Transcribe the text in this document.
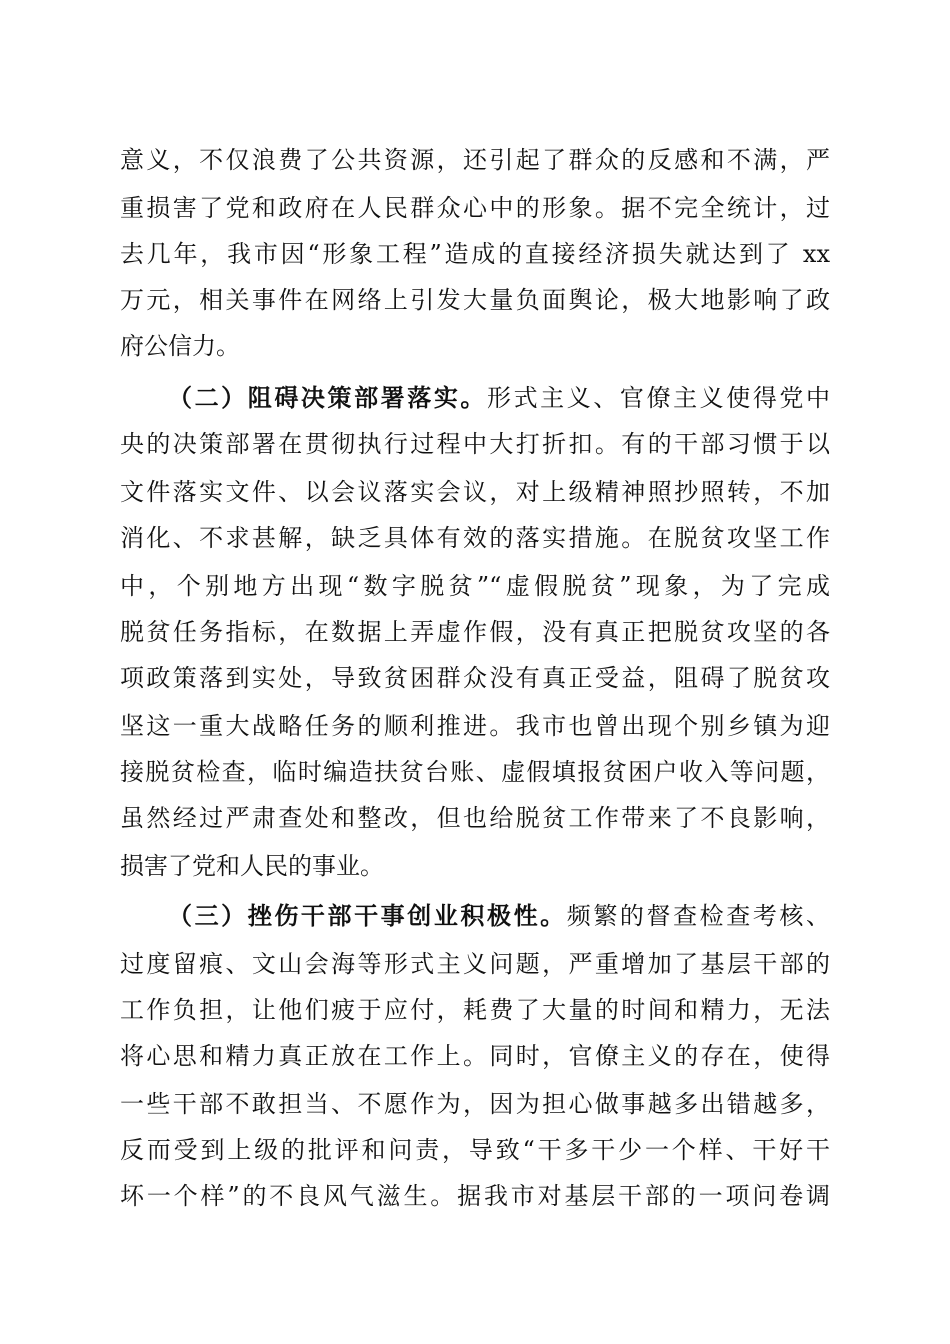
意义，不仅浪费了公共资源，还引起了群众的反感和不满，严
重损害了党和政府在人民群众心中的形象。据不完全统计，过
去几年，我市因“形象工程”造成的直接经济损失就达到了 xx
万元，相关事件在网络上引发大量负面舆论，极大地影响了政
府公信力。
（二）阻碍决策部署落实。形式主义、官僚主义使得党中
央的决策部署在贯彻执行过程中大打折扣。有的干部习惯于以
文件落实文件、以会议落实会议，对上级精神照抄照转，不加
消化、不求甚解，缺乏具体有效的落实措施。在脱贫攻坚工作
中，个别地方出现“数字脱贫”“虚假脱贫”现象，为了完成
脱贫任务指标，在数据上弄虚作假，没有真正把脱贫攻坚的各
项政策落到实处，导致贫困群众没有真正受益，阻碍了脱贫攻
坚这一重大战略任务的顺利推进。我市也曾出现个别乡镇为迎
接脱贫检查，临时编造扶贫台账、虚假填报贫困户收入等问题，
虽然经过严肃查处和整改，但也给脱贫工作带来了不良影响，
损害了党和人民的事业。
（三）挫伤干部干事创业积极性。频繁的督查检查考核、
过度留痕、文山会海等形式主义问题，严重增加了基层干部的
工作负担，让他们疲于应付，耗费了大量的时间和精力，无法
将心思和精力真正放在工作上。同时，官僚主义的存在，使得
一些干部不敢担当、不愿作为，因为担心做事越多出错越多，
反而受到上级的批评和问责，导致“干多干少一个样、干好干
坏一个样”的不良风气滋生。据我市对基层干部的一项问卷调
